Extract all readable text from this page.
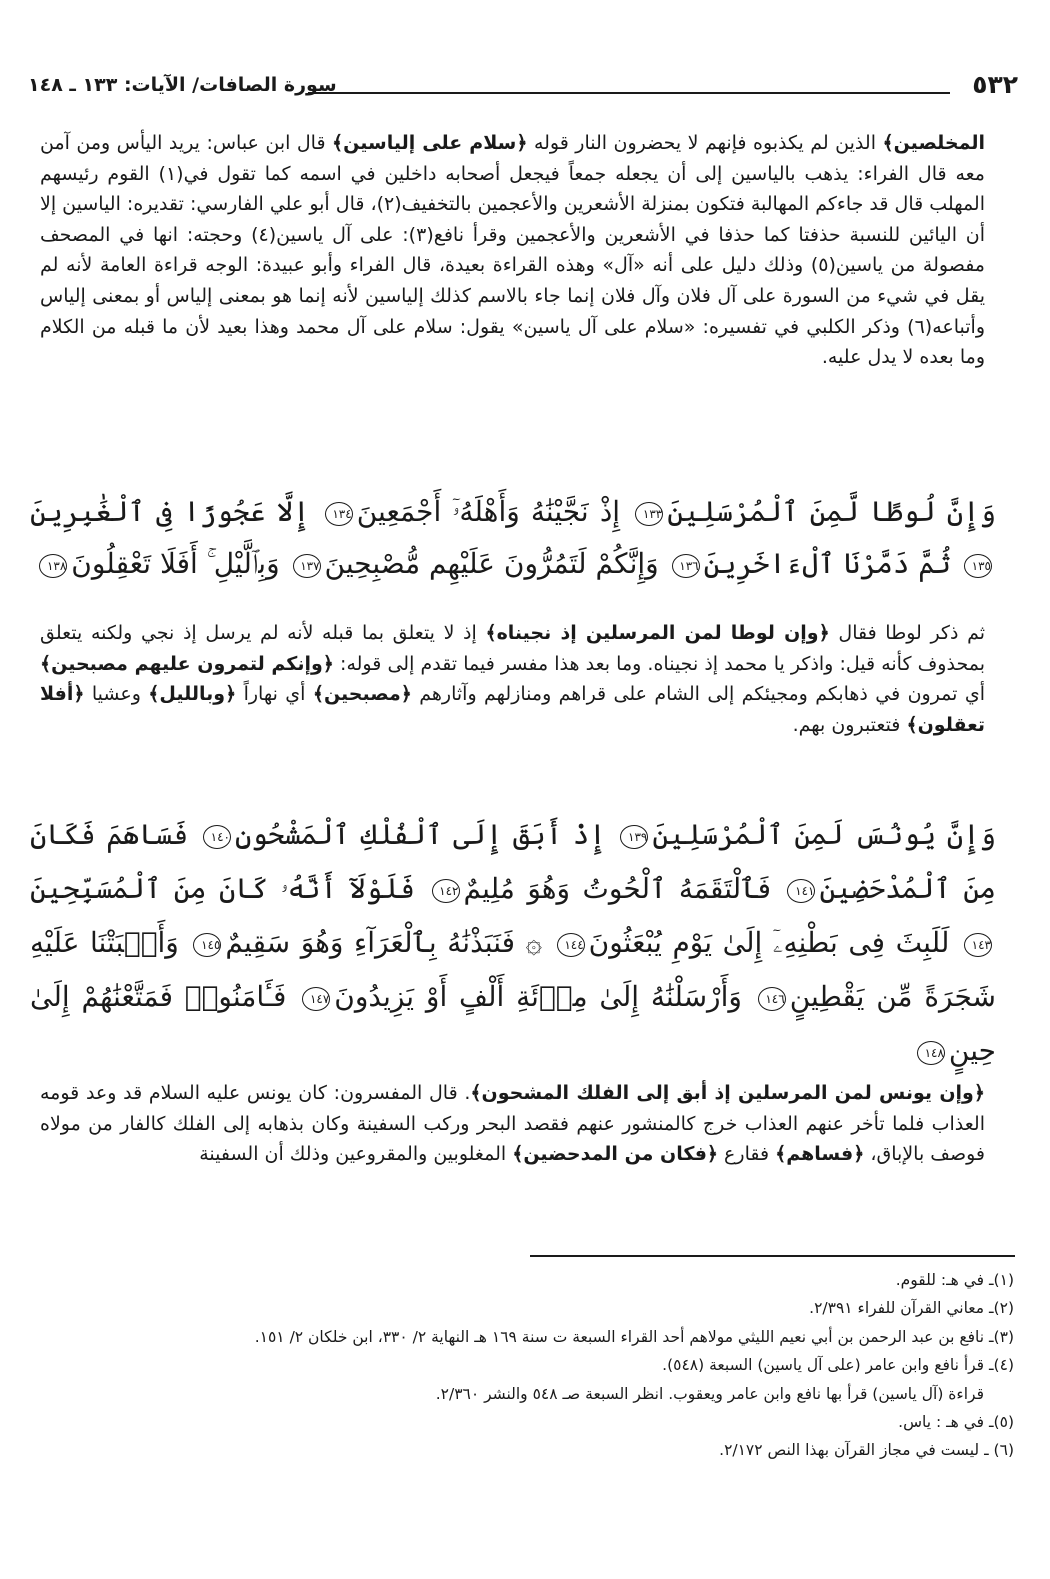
٥٣٢
سورة الصافات/ الآيات: ١٣٣ ـ ١٤٨
المخلصين﴾ الذين لم يكذبوه فإنهم لا يحضرون النار قوله ﴿سلام على إلياسين﴾ قال ابن عباس: يريد اليأس ومن آمن معه قال الفراء: يذهب بالياسين إلى أن يجعله جمعاً فيجعل أصحابه داخلين في اسمه كما تقول في(١) القوم رئيسهم المهلب قال قد جاءكم المهالبة فتكون بمنزلة الأشعرين والأعجمين بالتخفيف(٢)، قال أبو علي الفارسي: تقديره: الياسين إلا أن اليائين للنسبة حذفتا كما حذفا في الأشعرين والأعجمين وقرأ نافع(٣): على آل ياسين(٤) وحجته: انها في المصحف مفصولة من ياسين(٥) وذلك دليل على أنه «آل» وهذه القراءة بعيدة، قال الفراء وأبو عبيدة: الوجه قراءة العامة لأنه لم يقل في شيء من السورة على آل فلان وآل فلان إنما جاء بالاسم كذلك إلياسين لأنه إنما هو بمعنى إلياس أو بمعنى إلياس وأتباعه(٦) وذكر الكلبي في تفسيره: «سلام على آل ياسين» يقول: سلام على آل محمد وهذا بعيد لأن ما قبله من الكلام وما بعده لا يدل عليه.
وَإِنَّ لُوطًا لَّمِنَ ٱلْمُرْسَلِينَ١٣٣ إِذْ نَجَّيْنَٰهُ وَأَهْلَهُۥٓ أَجْمَعِينَ١٣٤ إِلَّا عَجُوزًا فِى ٱلْغَٰبِرِينَ١٣٥ ثُمَّ دَمَّرْنَا ٱلْءَاخَرِينَ١٣٦ وَإِنَّكُمْ لَتَمُرُّونَ عَلَيْهِم مُّصْبِحِينَ١٣٧ وَبِٱلَّيْلِ ۚ أَفَلَا تَعْقِلُونَ١٣٨
ثم ذكر لوطا فقال ﴿وإن لوطا لمن المرسلين إذ نجيناه﴾ إذ لا يتعلق بما قبله لأنه لم يرسل إذ نجي ولكنه يتعلق بمحذوف كأنه قيل: واذكر يا محمد إذ نجيناه. وما بعد هذا مفسر فيما تقدم إلى قوله: ﴿وإنكم لتمرون عليهم مصبحين﴾ أي تمرون في ذهابكم ومجيئكم إلى الشام على قراهم ومنازلهم وآثارهم ﴿مصبحين﴾ أي نهاراً ﴿وبالليل﴾ وعشيا ﴿أفلا تعقلون﴾ فتعتبرون بهم.
وَإِنَّ يُونُسَ لَمِنَ ٱلْمُرْسَلِينَ١٣٩ إِذْ أَبَقَ إِلَى ٱلْفُلْكِ ٱلْمَشْحُونِ١٤٠ فَسَاهَمَ فَكَانَ مِنَ ٱلْمُدْحَضِينَ١٤١ فَٱلْتَقَمَهُ ٱلْحُوتُ وَهُوَ مُلِيمٌ١٤٢ فَلَوْلَآ أَنَّهُۥ كَانَ مِنَ ٱلْمُسَبِّحِينَ١٤٣ لَلَبِثَ فِى بَطْنِهِۦٓ إِلَىٰ يَوْمِ يُبْعَثُونَ١٤٤ ۞ فَنَبَذْنَٰهُ بِٱلْعَرَآءِ وَهُوَ سَقِيمٌ١٤٥ وَأَنۢبَتْنَا عَلَيْهِ شَجَرَةً مِّن يَقْطِينٍ١٤٦ وَأَرْسَلْنَٰهُ إِلَىٰ مِا۟ئَةِ أَلْفٍ أَوْ يَزِيدُونَ١٤٧ فَـَٔامَنُوا۟ فَمَتَّعْنَٰهُمْ إِلَىٰ حِينٍ١٤٨
﴿وإن يونس لمن المرسلين إذ أبق إلى الفلك المشحون﴾. قال المفسرون: كان يونس عليه السلام قد وعد قومه العذاب فلما تأخر عنهم العذاب خرج كالمنشور عنهم فقصد البحر وركب السفينة وكان بذهابه إلى الفلك كالفار من مولاه فوصف بالإباق، ﴿فساهم﴾ فقارع ﴿فكان من المدحضين﴾ المغلوبين والمقروعين وذلك أن السفينة
(١)ـ في هـ: للقوم.
(٢)ـ معاني القرآن للفراء ٢/٣٩١.
(٣)ـ نافع بن عبد الرحمن بن أبي نعيم الليثي مولاهم أحد القراء السبعة ت سنة ١٦٩ هـ النهاية ٢/ ٣٣٠، ابن خلكان ٢/ ١٥١.
(٤)ـ قرأ نافع وابن عامر (على آل ياسين) السبعة (٥٤٨).
قراءة (آل ياسين) قرأ بها نافع وابن عامر ويعقوب. انظر السبعة صـ ٥٤٨ والنشر ٢/٣٦٠.
(٥)ـ في هـ : ياس.
(٦) ـ ليست في مجاز القرآن بهذا النص ٢/١٧٢.
